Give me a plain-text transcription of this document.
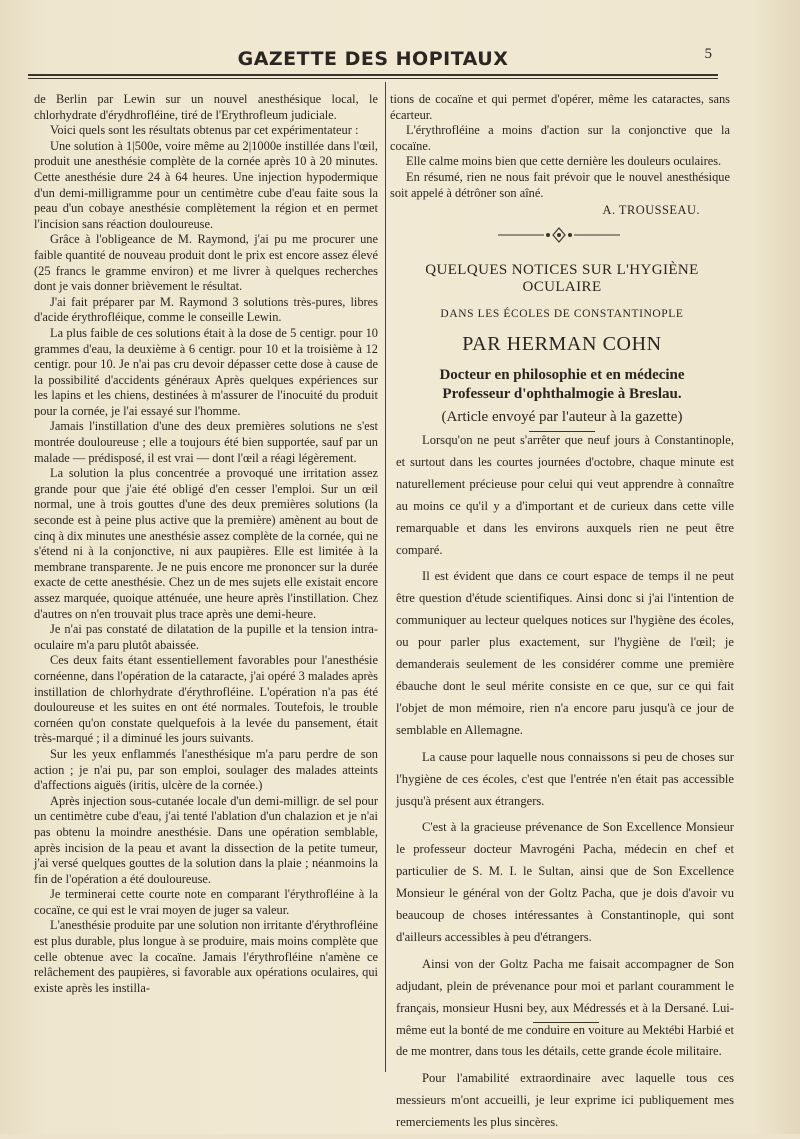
GAZETTE DES HOPITAUX	5

de Berlin par Lewin sur un nouvel anesthésique local, le chlorhydrate d'érydhrofléine, tiré de l'Erythrofleum judiciale.

Voici quels sont les résultats obtenus par cet expérimentateur :

Une solution à 1|500e, voire même au 2|1000e instillée dans l'œil, produit une anesthésie complète de la cornée après 10 à 20 minutes. Cette anesthésie dure 24 à 64 heures. Une injection hypodermique d'un demi-milligramme pour un centimètre cube d'eau faite sous la peau d'un cobaye anesthésie complètement la région et en permet l'incision sans réaction douloureuse.

Grâce à l'obligeance de M. Raymond, j'ai pu me procurer une faible quantité de nouveau produit dont le prix est encore assez élevé (25 francs le gramme environ) et me livrer à quelques recherches dont je vais donner brièvement le résultat.

J'ai fait préparer par M. Raymond 3 solutions très-pures, libres d'acide érythrofléique, comme le conseille Lewin.

La plus faible de ces solutions était à la dose de 5 centigr. pour 10 grammes d'eau, la deuxième à 6 centigr. pour 10 et la troisième à 12 centigr. pour 10. Je n'ai pas cru devoir dépasser cette dose à cause de la possibilité d'accidents généraux Après quelques expériences sur les lapins et les chiens, destinées à m'assurer de l'inocuité du produit pour la cornée, je l'ai essayé sur l'homme.

Jamais l'instillation d'une des deux premières solutions ne s'est montrée douloureuse ; elle a toujours été bien supportée, sauf par un malade — prédisposé, il est vrai — dont l'œil a réagi légèrement.

La solution la plus concentrée a provoqué une irritation assez grande pour que j'aie été obligé d'en cesser l'emploi. Sur un œil normal, une à trois gouttes d'une des deux premières solutions (la seconde est à peine plus active que la première) amènent au bout de cinq à dix minutes une anesthésie assez complète de la cornée, qui ne s'étend ni à la conjonctive, ni aux paupières. Elle est limitée à la membrane transparente. Je ne puis encore me prononcer sur la durée exacte de cette anesthésie. Chez un de mes sujets elle existait encore assez marquée, quoique atténuée, une heure après l'instillation. Chez d'autres on n'en trouvait plus trace après une demi-heure.

Je n'ai pas constaté de dilatation de la pupille et la tension intra-oculaire m'a paru plutôt abaissée.

Ces deux faits étant essentiellement favorables pour l'anesthésie cornéenne, dans l'opération de la cataracte, j'ai opéré 3 malades après instillation de chlorhydrate d'érythrofléine. L'opération n'a pas été douloureuse et les suites en ont été normales. Toutefois, le trouble cornéen qu'on constate quelquefois à la levée du pansement, était très-marqué ; il a diminué les jours suivants.

Sur les yeux enflammés l'anesthésique m'a paru perdre de son action ; je n'ai pu, par son emploi, soulager des malades atteints d'affections aiguës (iritis, ulcère de la cornée.)

Après injection sous-cutanée locale d'un demi-milligr. de sel pour un centimètre cube d'eau, j'ai tenté l'ablation d'un chalazion et je n'ai pas obtenu la moindre anesthésie. Dans une opération semblable, après incision de la peau et avant la dissection de la petite tumeur, j'ai versé quelques gouttes de la solution dans la plaie ; néanmoins la fin de l'opération a été douloureuse.

Je terminerai cette courte note en comparant l'érythrofléine à la cocaïne, ce qui est le vrai moyen de juger sa valeur.

L'anesthésie produite par une solution non irritante d'érythrofléine est plus durable, plus longue à se produire, mais moins complète que celle obtenue avec la cocaïne. Jamais l'érythrofléine n'amène ce relâchement des paupières, si favorable aux opérations oculaires, qui existe après les instilla-

tions de cocaïne et qui permet d'opérer, même les cataractes, sans écarteur.

L'érythrofléine a moins d'action sur la conjonctive que la cocaïne.

Elle calme moins bien que cette dernière les douleurs oculaires.

En résumé, rien ne nous fait prévoir que le nouvel anesthésique soit appelé à détrôner son aîné.

A. TROUSSEAU.

QUELQUES NOTICES SUR L'HYGIÈNE OCULAIRE

DANS LES ÉCOLES DE CONSTANTINOPLE

PAR HERMAN COHN

Docteur en philosophie et en médecine

Professeur d'ophthalmogie à Breslau.

(Article envoyé par l'auteur à la gazette)

Lorsqu'on ne peut s'arrêter que neuf jours à Constantinople, et surtout dans les courtes journées d'octobre, chaque minute est naturellement précieuse pour celui qui veut apprendre à connaître au moins ce qu'il y a d'important et de curieux dans cette ville remarquable et dans les environs auxquels rien ne peut être comparé.

Il est évident que dans ce court espace de temps il ne peut être question d'étude scientifiques. Ainsi donc si j'ai l'intention de communiquer au lecteur quelques notices sur l'hygiène des écoles, ou pour parler plus exactement, sur l'hygiène de l'œil; je demanderais seulement de les considérer comme une première ébauche dont le seul mérite consiste en ce que, sur ce qui fait l'objet de mon mémoire, rien n'a encore paru jusqu'à ce jour de semblable en Allemagne.

La cause pour laquelle nous connaissons si peu de choses sur l'hygiène de ces écoles, c'est que l'entrée n'en était pas accessible jusqu'à présent aux étrangers.

C'est à la gracieuse prévenance de Son Excellence Monsieur le professeur docteur Mavrogéni Pacha, médecin en chef et particulier de S. M. I. le Sultan, ainsi que de Son Excellence Monsieur le général von der Goltz Pacha, que je dois d'avoir vu beaucoup de choses intéressantes à Constantinople, qui sont d'ailleurs accessibles à peu d'étrangers.

Ainsi von der Goltz Pacha me faisait accompagner de Son adjudant, plein de prévenance pour moi et parlant couramment le français, monsieur Husni bey, aux Médressés et à la Dersané. Lui-même eut la bonté de me conduire en voiture au Mektébi Harbié et de me montrer, dans tous les détails, cette grande école militaire.

Pour l'amabilité extraordinaire avec laquelle tous ces messieurs m'ont accueilli, je leur exprime ici publiquement mes remerciements les plus sincères.
